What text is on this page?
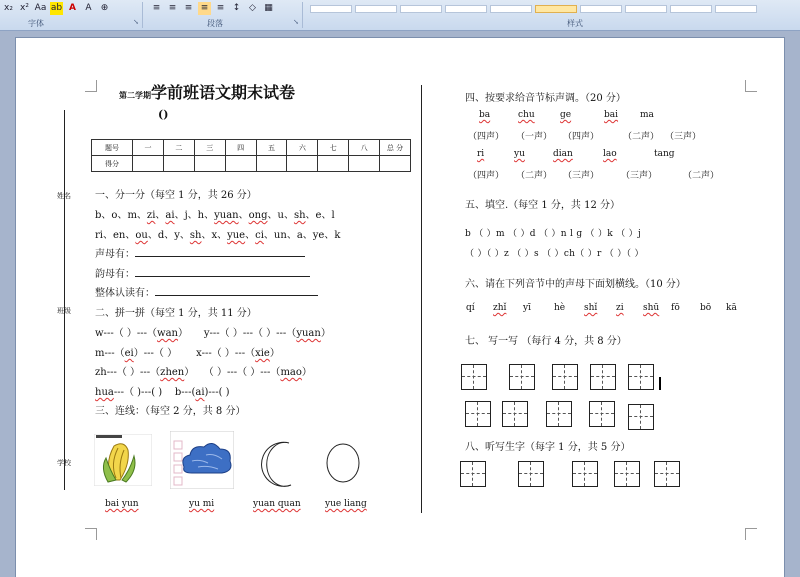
x₂ x² Aa ab A	A	⊕	≡ ≡ ≡ ≡ ≡ ↕ ◇ ▦
字体	段落	样式
↘	↘
姓名
班级
学校
第二学期学前班语文期末试卷
()
题号	一	二	三	四	五	六	七	八	总 分
得分									
一、分一分（每空 1 分，共 26 分）
b、o、m、zi、ai、j、h、yuan、ong、u、sh、e、l
ri、en、ou、d、y、sh、x、yue、ci、un、a、ye、k
声母有：
韵母有：
整体认读有：
二、拼一拼（每空 1 分，共 11 分）
w---（ ）---（wan） y---（ ）---（ ）---（yuan）
m---（ei）---（ ） x---（ ）---（xie）
zh---（ ）---（zhen） （ ）---（ ）---（mao）
hua---（ )---( ) b---(ai)---( )
三、连线：（每空 2 分，共 8 分）
bai yun	yu mi	yuan quan	yue liang
四、按要求给音节标声调。（20 分）
ba	chu	ge	bai ma
（四声） （一声） （四声）	（二声） （三声）
ri	yu	dian	lao	tang
（四声） （二声） （三声） （三声）	（二声）
五、填空.（每空 1 分，共 12 分）
b （ ）m （ ）d （ ）n l ɡ （ ）k （ ）j
（ ）（ ）z （ ）s （ ）ch（ ）r （ ）（ ）
六、请在下列音节中的声母下面划横线。（10 分）
qí zhǐ yī	hè shǐ zi shū fō bō kā
七、 写一写 （每行 4 分，共 8 分）
八、听写生字（每字 1 分，共 5 分）
